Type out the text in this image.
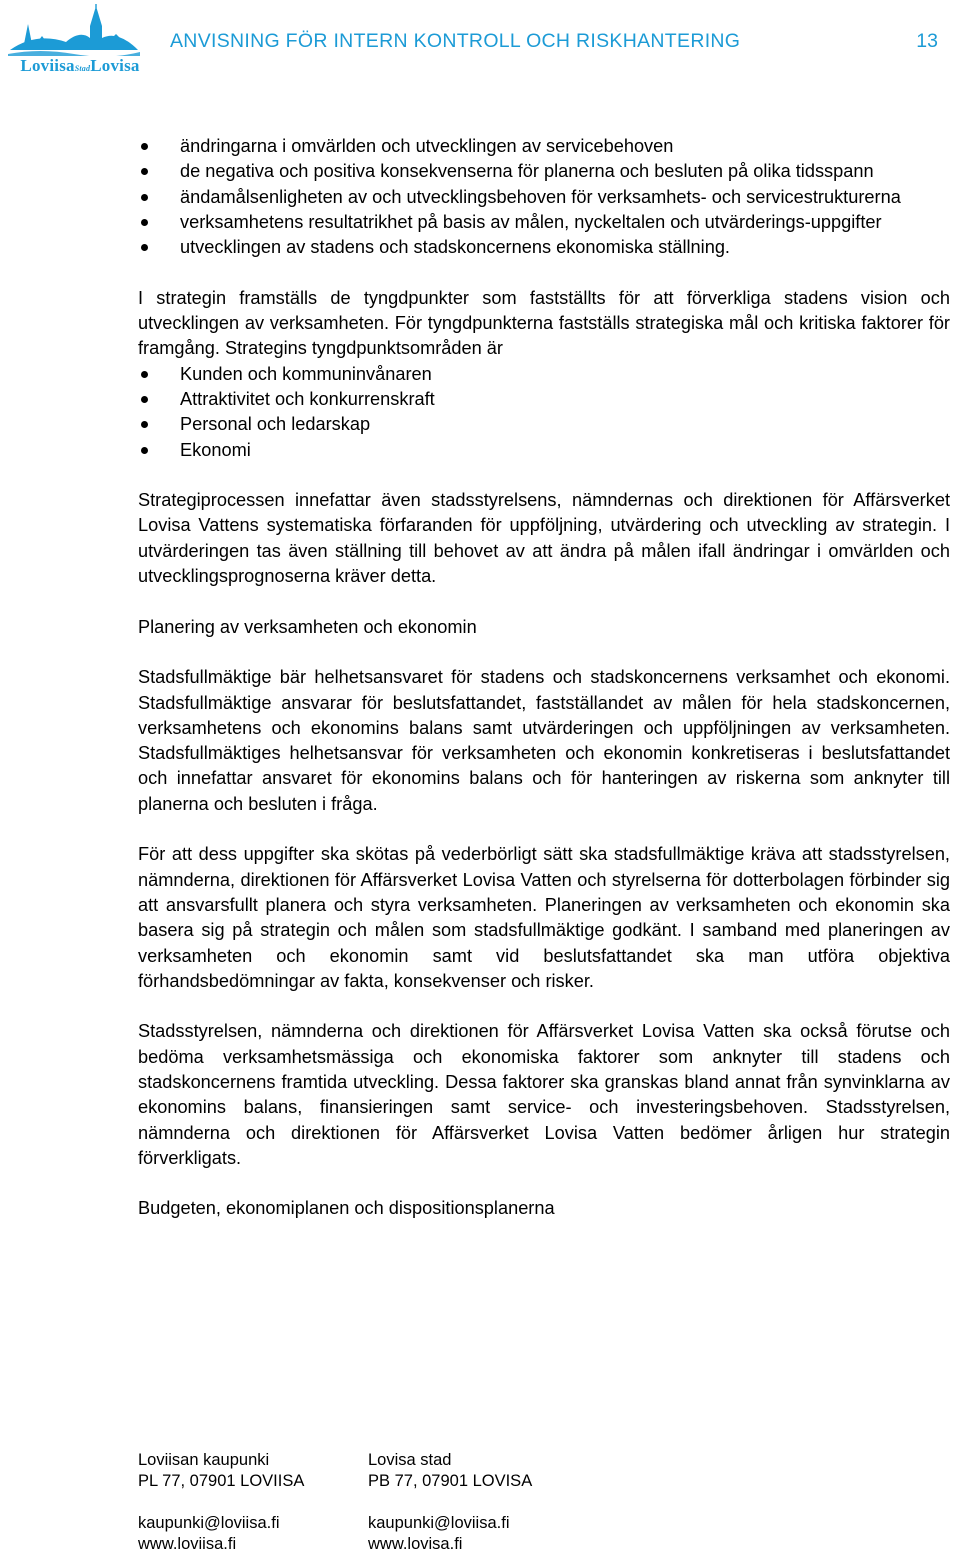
LoviisaStadLovisa
ANVISNING FÖR INTERN KONTROLL OCH RISKHANTERING	13
ändringarna i omvärlden och utvecklingen av servicebehoven
de negativa och positiva konsekvenserna för planerna och besluten på olika tidsspann
ändamålsenligheten av och utvecklingsbehoven för verksamhets- och servicestrukturerna
verksamhetens resultatrikhet på basis av målen, nyckeltalen och utvärderings-uppgifter
utvecklingen av stadens och stadskoncernens ekonomiska ställning.

I strategin framställs de tyngdpunkter som fastställts för att förverkliga stadens vision och utvecklingen av verksamheten. För tyngdpunkterna fastställs strategiska mål och kritiska faktorer för framgång. Strategins tyngdpunktsområden är

Kunden och kommuninvånaren
Attraktivitet och konkurrenskraft
Personal och ledarskap
Ekonomi

Strategiprocessen innefattar även stadsstyrelsens, nämndernas och direktionen för Affärsverket Lovisa Vattens systematiska förfaranden för uppföljning, utvärdering och utveckling av strategin. I utvärderingen tas även ställning till behovet av att ändra på målen ifall ändringar i omvärlden och utvecklingsprognoserna kräver detta.

Planering av verksamheten och ekonomin

Stadsfullmäktige bär helhetsansvaret för stadens och stadskoncernens verksamhet och ekonomi. Stadsfullmäktige ansvarar för beslutsfattandet, fastställandet av målen för hela stadskoncernen, verksamhetens och ekonomins balans samt utvärderingen och uppföljningen av verksamheten. Stadsfullmäktiges helhetsansvar för verksamheten och ekonomin konkretiseras i beslutsfattandet och innefattar ansvaret för ekonomins balans och för hanteringen av riskerna som anknyter till planerna och besluten i fråga.

För att dess uppgifter ska skötas på vederbörligt sätt ska stadsfullmäktige kräva att stadsstyrelsen, nämnderna, direktionen för Affärsverket Lovisa Vatten och styrelserna för dotterbolagen förbinder sig att ansvarsfullt planera och styra verksamheten. Planeringen av verksamheten och ekonomin ska basera sig på strategin och målen som stadsfullmäktige godkänt. I samband med planeringen av verksamheten och ekonomin samt vid beslutsfattandet ska man utföra objektiva förhandsbedömningar av fakta, konsekvenser och risker.

Stadsstyrelsen, nämnderna och direktionen för Affärsverket Lovisa Vatten ska också förutse och bedöma verksamhetsmässiga och ekonomiska faktorer som anknyter till stadens och stadskoncernens framtida utveckling. Dessa faktorer ska granskas bland annat från synvinklarna av ekonomins balans, finansieringen samt service- och investeringsbehoven. Stadsstyrelsen, nämnderna och direktionen för Affärsverket Lovisa Vatten bedömer årligen hur strategin förverkligats.

Budgeten, ekonomiplanen och dispositionsplanerna

Loviisan kaupunki
PL 77, 07901 LOVIISA
kaupunki@loviisa.fi
www.loviisa.fi
Lovisa stad
PB 77, 07901 LOVISA
kaupunki@loviisa.fi
www.lovisa.fi
